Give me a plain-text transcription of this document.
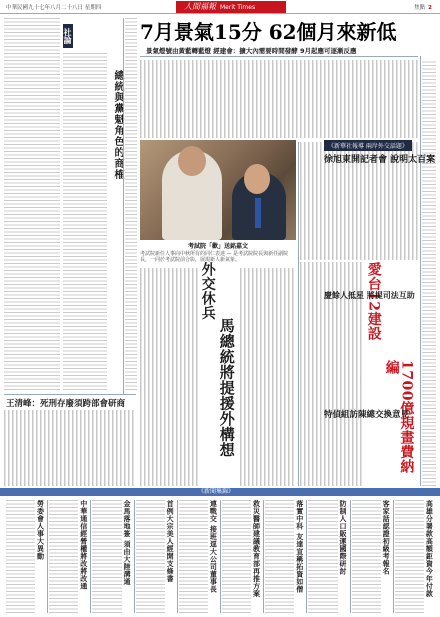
中華民國九十七年八月二十八日 星期四	人間福報 Merit Times	焦點 2
社論
總統與黨魁角色的商榷
王清峰：死刑存廢須跨部會研商
7月景氣15分 62個月來新低
景氣燈號由黃藍轉藍燈 經建會：擴大內需要時間發酵 9月起應可逐漸反應
考試院「歡」送銘嘉文
考試院新任人事向中秋所有的同仁表達 — 是考試院院長與新任副院長，一同於考試院前合影，展現新人新氣象。
外交休兵
馬總統將提援外構想
愛台12建設
1700億規畫費納編
《新華社報導 兩岸外交話題》
徐旭東開記者會 說明太百案
慶餘人抵星 將提司法互助
特偵組訪陳總交換意見
《新聞集錦》
高雄分署款高額鉅資今年付款
客家話認證初級考報名
防制人口販運國際研討
落實中科 友達宣稱拓資如僧
救災醫師建議教育部再推方案
連戰交 接班逕大公司董事長
首例大宗美人經開支條書
金馬落地簽 須由大陸溝通
中華通信經營權將改將改通
勞委會人事大異動
